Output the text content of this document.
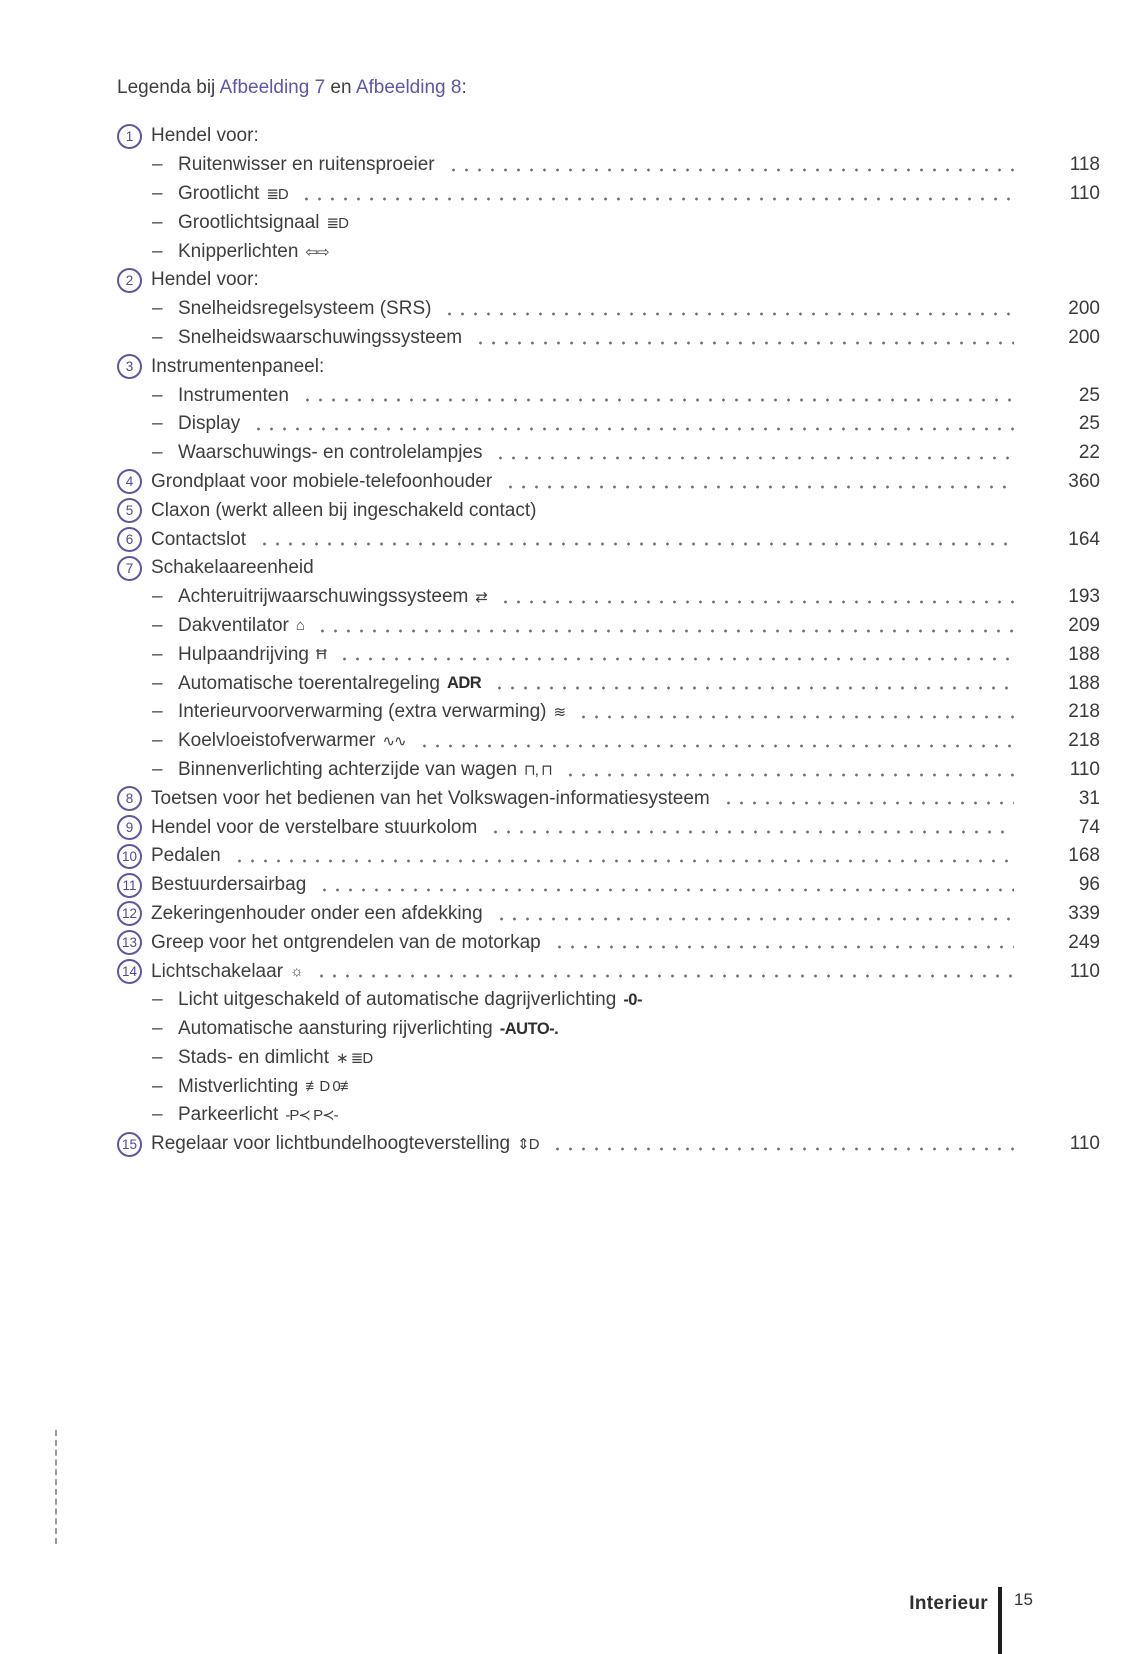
Legenda bij Afbeelding 7 en Afbeelding 8:
1 Hendel voor:
– Ruitenwisser en ruitensproeier	118
– Grootlicht ≣D	110
– Grootlichtsignaal ≣D
– Knipperlichten ⇦⇨
2 Hendel voor:
– Snelheidsregelsysteem (SRS)	200
– Snelheidswaarschuwingssysteem	200
3 Instrumentenpaneel:
– Instrumenten	25
– Display	25
– Waarschuwings- en controlelampjes	22
4 Grondplaat voor mobiele-telefoonhouder	360
5 Claxon (werkt alleen bij ingeschakeld contact)
6 Contactslot	164
7 Schakelaareenheid
– Achteruitrijwaarschuwingssysteem ⇄	193
– Dakventilator ⌂	209
– Hulpaandrijving Ħ	188
– Automatische toerentalregeling ADR	188
– Interieurvoorverwarming (extra verwarming) ≋	218
– Koelvloeistofverwarmer ∿∿	218
– Binnenverlichting achterzijde van wagen ⊓, ⊓	110
8 Toetsen voor het bedienen van het Volkswagen-informatiesysteem	31
9 Hendel voor de verstelbare stuurkolom	74
10 Pedalen	168
11 Bestuurdersairbag	96
12 Zekeringenhouder onder een afdekking	339
13 Greep voor het ontgrendelen van de motorkap	249
14 Lichtschakelaar ☼	110
– Licht uitgeschakeld of automatische dagrijverlichting -0-
– Automatische aansturing rijverlichting -AUTO-.
– Stads- en dimlicht ∗ ≣D
– Mistverlichting ≢D 0≢
– Parkeerlicht -P≺ P≺-
15 Regelaar voor lichtbundelhoogteverstelling ⇕D	110
Interieur 15
